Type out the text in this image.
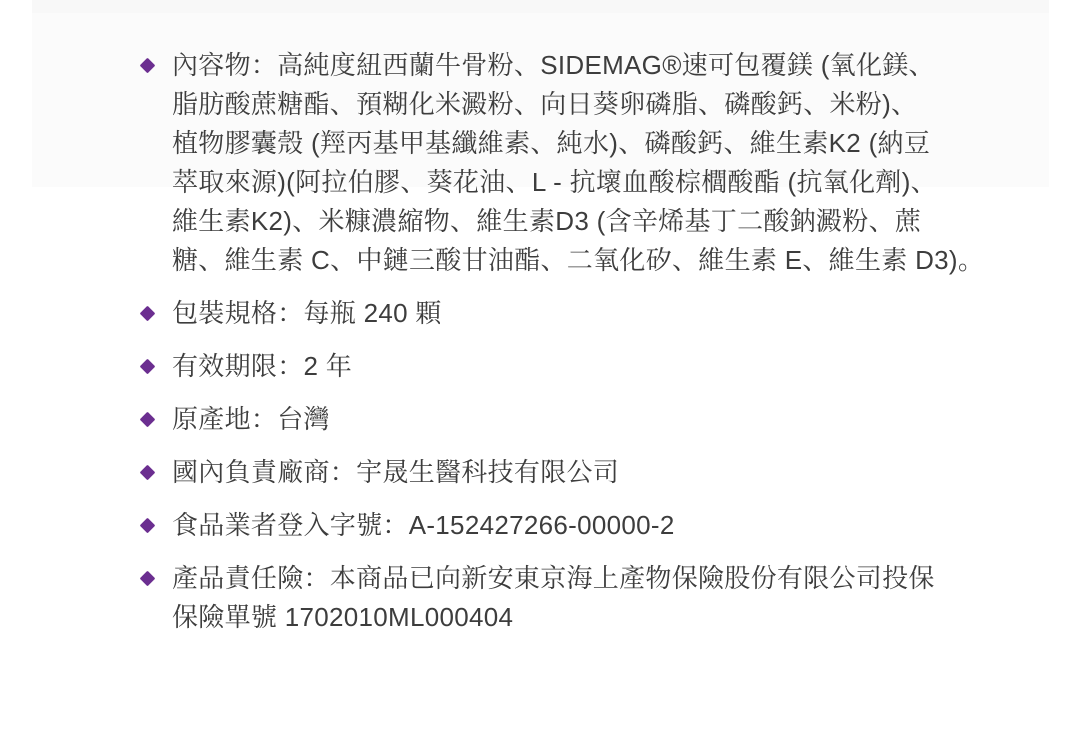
內容物：高純度紐西蘭牛骨粉、SIDEMAG®速可包覆鎂 (氧化鎂、
脂肪酸蔗糖酯、預糊化米澱粉、向日葵卵磷脂、磷酸鈣、米粉)、
植物膠囊殼 (羥丙基甲基纖維素、純水)、磷酸鈣、維生素K2 (納豆
萃取來源)(阿拉伯膠、葵花油、L - 抗壞血酸棕櫚酸酯 (抗氧化劑)、
維生素K2)、米糠濃縮物、維生素D3 (含辛烯基丁二酸鈉澱粉、蔗
糖、維生素 C、中鏈三酸甘油酯、二氧化矽、維生素 E、維生素 D3)。
包裝規格：每瓶 240 顆
有效期限：2 年
原產地：台灣
國內負責廠商：宇晟生醫科技有限公司
食品業者登入字號：A-152427266-00000-2
產品責任險：本商品已向新安東京海上產物保險股份有限公司投保
保險單號 1702010ML000404
